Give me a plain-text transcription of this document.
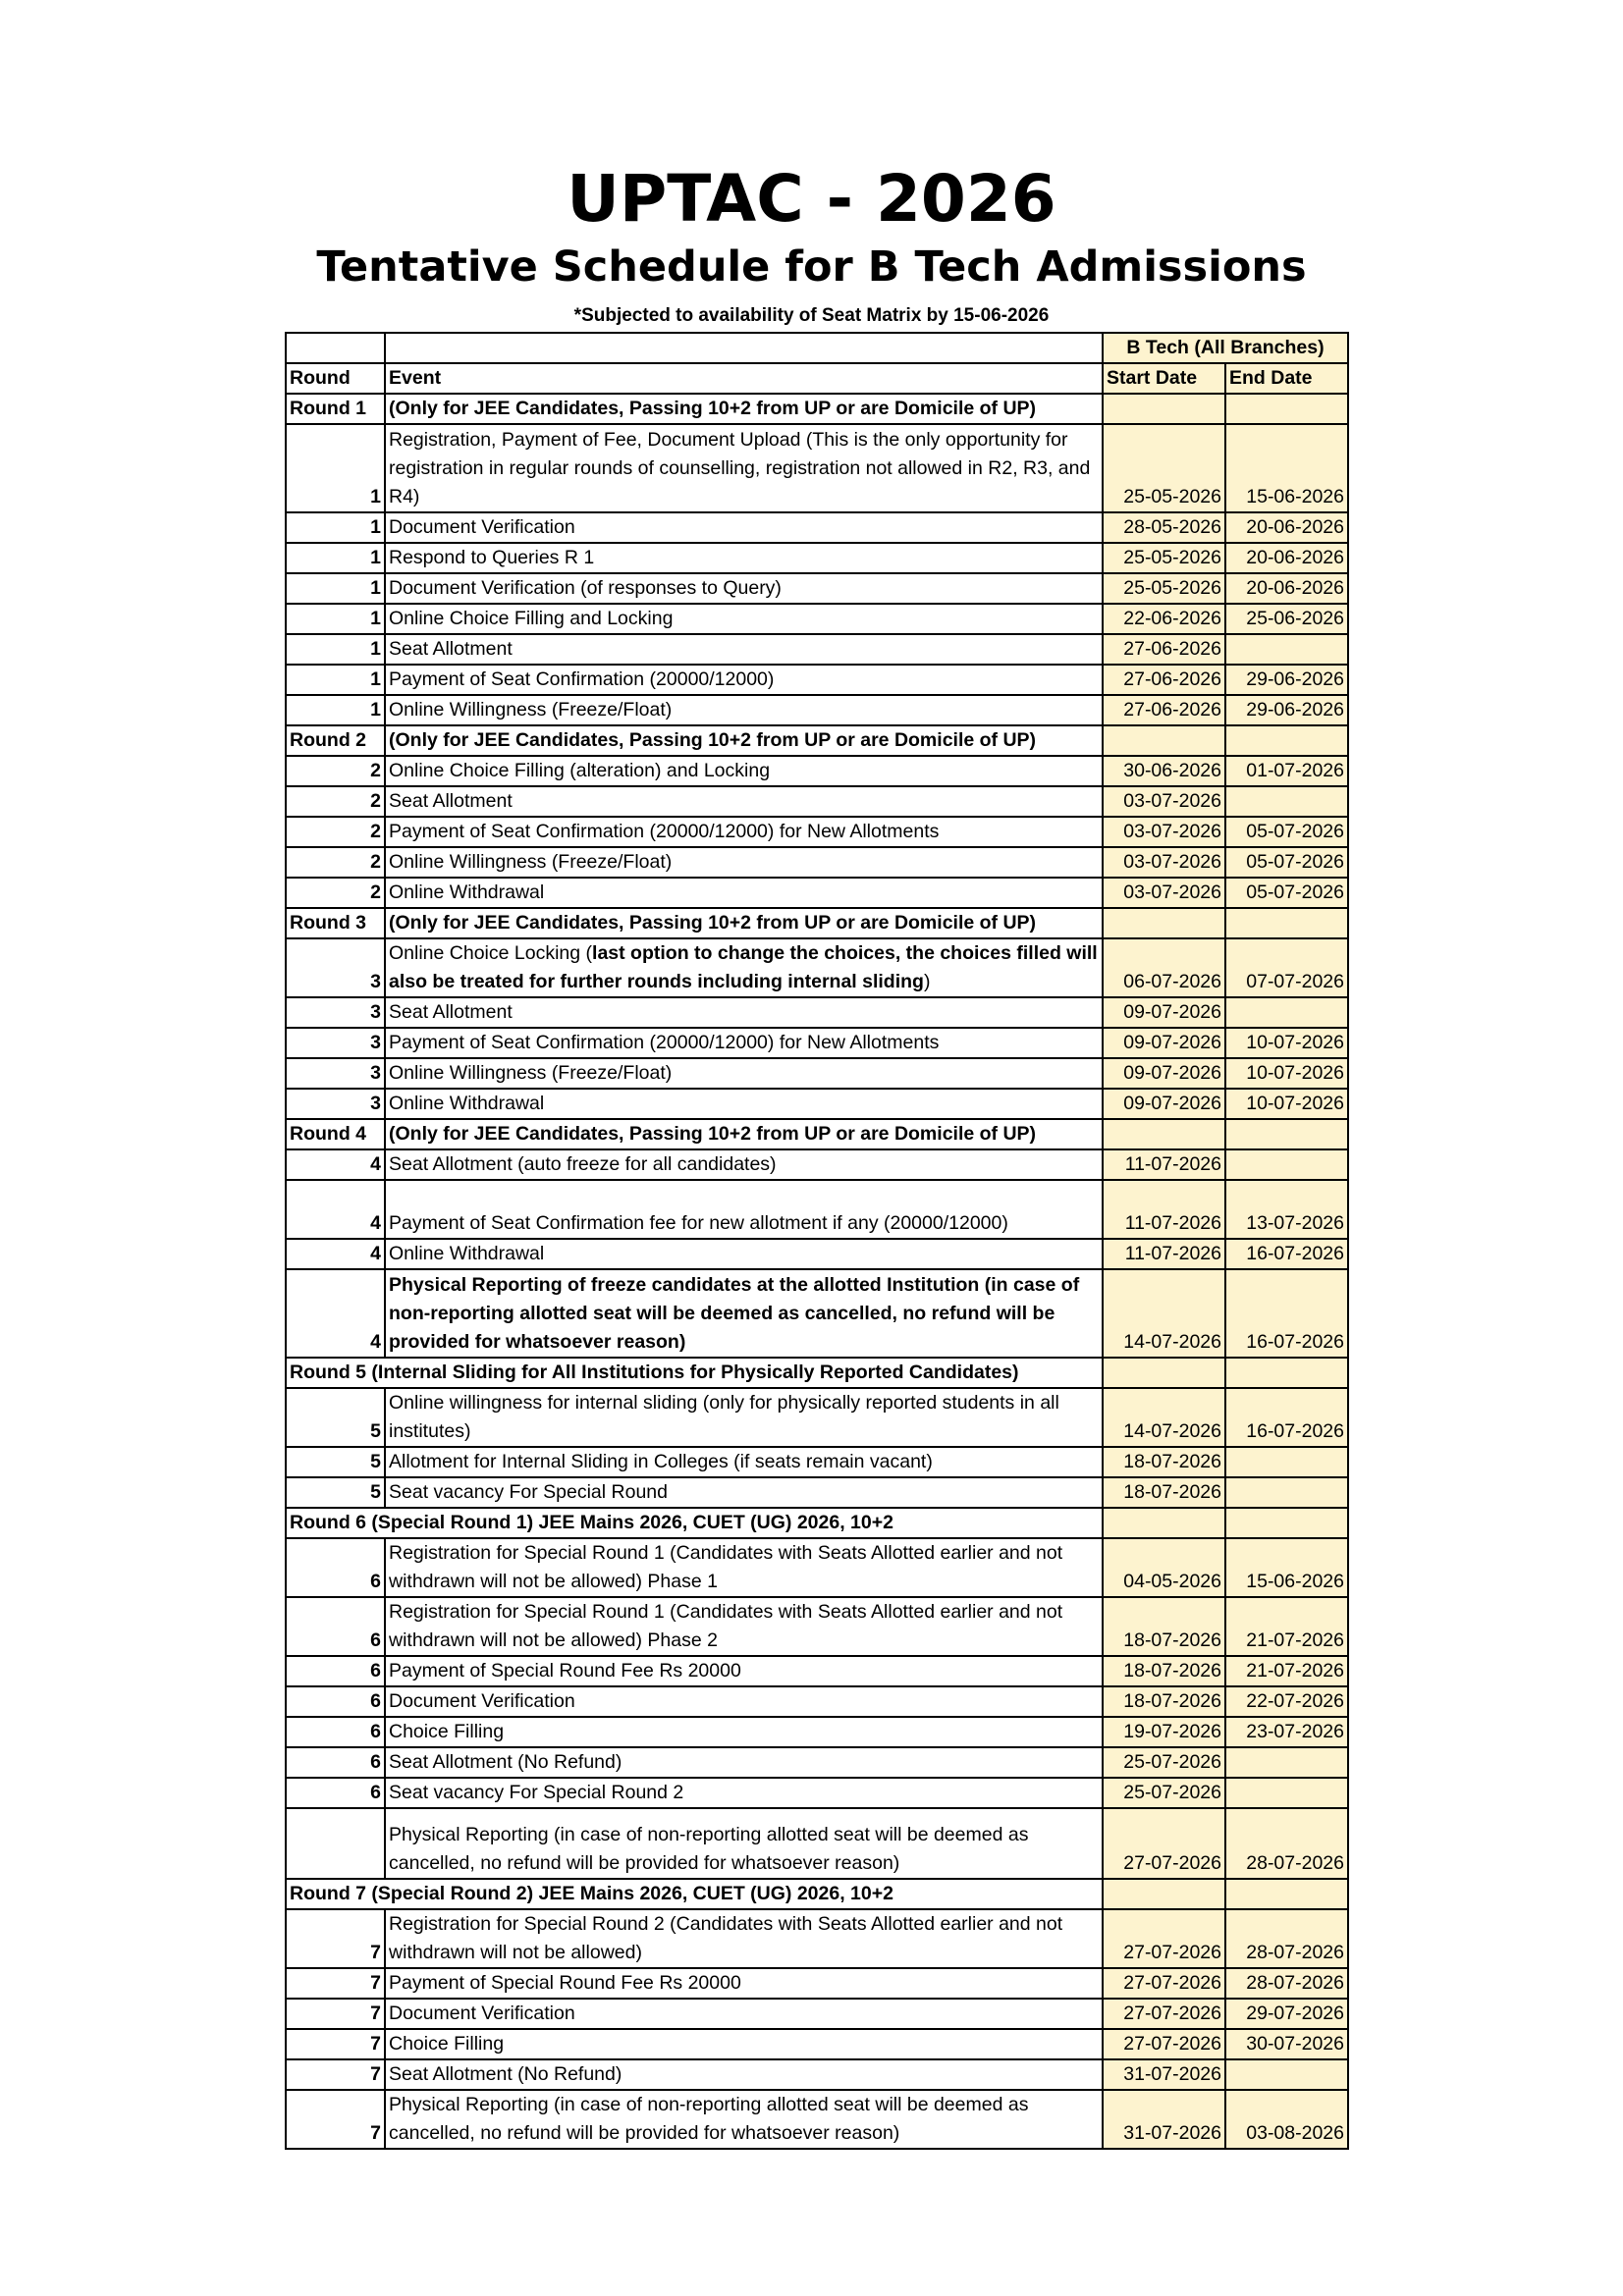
UPTAC - 2026
Tentative Schedule for B Tech Admissions

*Subjected to availability of Seat Matrix by 15-06-2026

		B Tech (All Branches)	
Round	Event	Start Date	End Date
Round 1	(Only for JEE Candidates, Passing 10+2 from UP or are Domicile of UP)		
1	Registration, Payment of Fee, Document Upload (This is the only opportunity for registration in regular rounds of counselling, registration not allowed in R2, R3, and R4)	25-05-2026	15-06-2026
1	Document Verification	28-05-2026	20-06-2026
1	Respond to Queries R 1	25-05-2026	20-06-2026
1	Document Verification (of responses to Query)	25-05-2026	20-06-2026
1	Online Choice Filling and Locking	22-06-2026	25-06-2026
1	Seat Allotment	27-06-2026	
1	Payment of Seat Confirmation (20000/12000)	27-06-2026	29-06-2026
1	Online Willingness (Freeze/Float)	27-06-2026	29-06-2026
Round 2	(Only for JEE Candidates, Passing 10+2 from UP or are Domicile of UP)		
2	Online Choice Filling (alteration) and Locking	30-06-2026	01-07-2026
2	Seat Allotment	03-07-2026	
2	Payment of Seat Confirmation (20000/12000) for New Allotments	03-07-2026	05-07-2026
2	Online Willingness (Freeze/Float)	03-07-2026	05-07-2026
2	Online Withdrawal	03-07-2026	05-07-2026
Round 3	(Only for JEE Candidates, Passing 10+2 from UP or are Domicile of UP)		
3	Online Choice Locking (last option to change the choices, the choices filled will also be treated for further rounds including internal sliding)	06-07-2026	07-07-2026
3	Seat Allotment	09-07-2026	
3	Payment of Seat Confirmation (20000/12000) for New Allotments	09-07-2026	10-07-2026
3	Online Willingness (Freeze/Float)	09-07-2026	10-07-2026
3	Online Withdrawal	09-07-2026	10-07-2026
Round 4	(Only for JEE Candidates, Passing 10+2 from UP or are Domicile of UP)		
4	Seat Allotment (auto freeze for all candidates)	11-07-2026	
4	Payment of Seat Confirmation fee for new allotment if any (20000/12000)	11-07-2026	13-07-2026
4	Online Withdrawal	11-07-2026	16-07-2026
4	Physical Reporting of freeze candidates at the allotted Institution (in case of non-reporting allotted seat will be deemed as cancelled, no refund will be provided for whatsoever reason)	14-07-2026	16-07-2026
Round 5 (Internal Sliding for All Institutions for Physically Reported Candidates)			
5	Online willingness for internal sliding (only for physically reported students in all institutes)	14-07-2026	16-07-2026
5	Allotment for Internal Sliding in Colleges (if seats remain vacant)	18-07-2026	
5	Seat vacancy For Special Round	18-07-2026	
Round 6 (Special Round 1) JEE Mains 2026, CUET (UG) 2026, 10+2			
6	Registration for Special Round 1 (Candidates with Seats Allotted earlier and not withdrawn will not be allowed) Phase 1	04-05-2026	15-06-2026
6	Registration for Special Round 1 (Candidates with Seats Allotted earlier and not withdrawn will not be allowed) Phase 2	18-07-2026	21-07-2026
6	Payment of Special Round Fee Rs 20000	18-07-2026	21-07-2026
6	Document Verification	18-07-2026	22-07-2026
6	Choice Filling	19-07-2026	23-07-2026
6	Seat Allotment (No Refund)	25-07-2026	
6	Seat vacancy For Special Round 2	25-07-2026	
	Physical Reporting (in case of non-reporting allotted seat will be deemed as cancelled, no refund will be provided for whatsoever reason)	27-07-2026	28-07-2026
Round 7 (Special Round 2) JEE Mains 2026, CUET (UG) 2026, 10+2			
7	Registration for Special Round 2 (Candidates with Seats Allotted earlier and not withdrawn will not be allowed)	27-07-2026	28-07-2026
7	Payment of Special Round Fee Rs 20000	27-07-2026	28-07-2026
7	Document Verification	27-07-2026	29-07-2026
7	Choice Filling	27-07-2026	30-07-2026
7	Seat Allotment (No Refund)	31-07-2026	
7	Physical Reporting (in case of non-reporting allotted seat will be deemed as cancelled, no refund will be provided for whatsoever reason)	31-07-2026	03-08-2026
